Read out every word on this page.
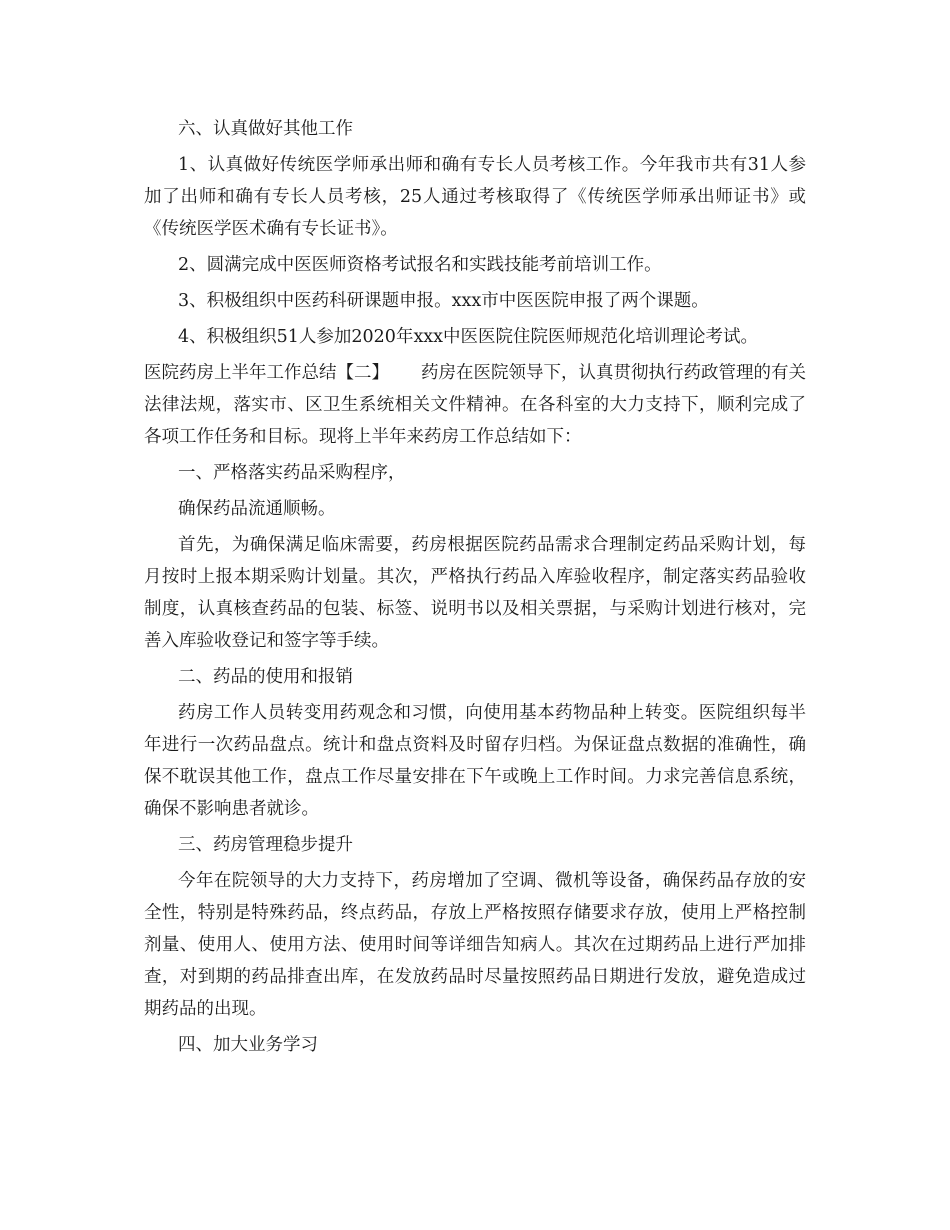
六、认真做好其他工作

1、认真做好传统医学师承出师和确有专长人员考核工作。今年我市共有31人参加了出师和确有专长人员考核，25人通过考核取得了《传统医学师承出师证书》或《传统医学医术确有专长证书》。

2、圆满完成中医医师资格考试报名和实践技能考前培训工作。

3、积极组织中医药科研课题申报。xxx市中医医院申报了两个课题。

4、积极组织51人参加2020年xxx中医医院住院医师规范化培训理论考试。

医院药房上半年工作总结【二】 药房在医院领导下，认真贯彻执行药政管理的有关法律法规，落实市、区卫生系统相关文件精神。在各科室的大力支持下，顺利完成了各项工作任务和目标。现将上半年来药房工作总结如下：

一、严格落实药品采购程序，

确保药品流通顺畅。

首先，为确保满足临床需要，药房根据医院药品需求合理制定药品采购计划，每月按时上报本期采购计划量。其次，严格执行药品入库验收程序，制定落实药品验收制度，认真核查药品的包装、标签、说明书以及相关票据，与采购计划进行核对，完善入库验收登记和签字等手续。

二、药品的使用和报销

药房工作人员转变用药观念和习惯，向使用基本药物品种上转变。医院组织每半年进行一次药品盘点。统计和盘点资料及时留存归档。为保证盘点数据的准确性，确保不耽误其他工作，盘点工作尽量安排在下午或晚上工作时间。力求完善信息系统，确保不影响患者就诊。

三、药房管理稳步提升

今年在院领导的大力支持下，药房增加了空调、微机等设备，确保药品存放的安全性，特别是特殊药品，终点药品，存放上严格按照存储要求存放，使用上严格控制剂量、使用人、使用方法、使用时间等详细告知病人。其次在过期药品上进行严加排查，对到期的药品排查出库，在发放药品时尽量按照药品日期进行发放，避免造成过期药品的出现。

四、加大业务学习
